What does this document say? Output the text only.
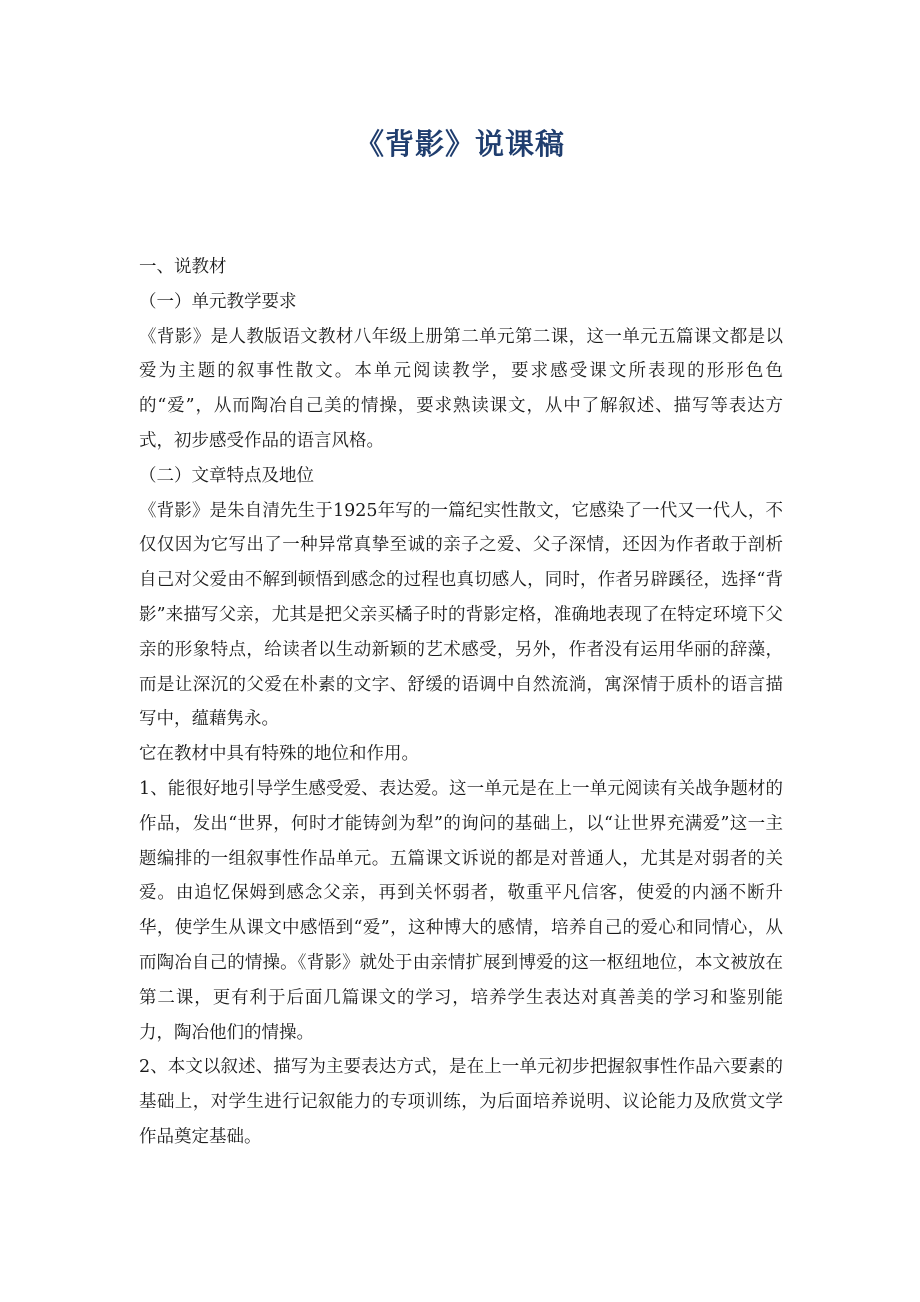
《背影》说课稿

一、说教材

（一）单元教学要求

《背影》是人教版语文教材八年级上册第二单元第二课，这一单元五篇课文都是以爱为主题的叙事性散文。本单元阅读教学，要求感受课文所表现的形形色色的“爱”，从而陶冶自己美的情操，要求熟读课文，从中了解叙述、描写等表达方式，初步感受作品的语言风格。

（二）文章特点及地位

《背影》是朱自清先生于1925年写的一篇纪实性散文，它感染了一代又一代人，不仅仅因为它写出了一种异常真挚至诚的亲子之爱、父子深情，还因为作者敢于剖析自己对父爱由不解到顿悟到感念的过程也真切感人，同时，作者另辟蹊径，选择“背影”来描写父亲，尤其是把父亲买橘子时的背影定格，准确地表现了在特定环境下父亲的形象特点，给读者以生动新颖的艺术感受，另外，作者没有运用华丽的辞藻，而是让深沉的父爱在朴素的文字、舒缓的语调中自然流淌，寓深情于质朴的语言描写中，蕴藉隽永。

它在教材中具有特殊的地位和作用。

1、能很好地引导学生感受爱、表达爱。这一单元是在上一单元阅读有关战争题材的作品，发出“世界，何时才能铸剑为犁”的询问的基础上，以“让世界充满爱”这一主题编排的一组叙事性作品单元。五篇课文诉说的都是对普通人，尤其是对弱者的关爱。由追忆保姆到感念父亲，再到关怀弱者，敬重平凡信客，使爱的内涵不断升华，使学生从课文中感悟到“爱”，这种博大的感情，培养自己的爱心和同情心，从而陶冶自己的情操。《背影》就处于由亲情扩展到博爱的这一枢纽地位，本文被放在第二课，更有利于后面几篇课文的学习，培养学生表达对真善美的学习和鉴别能力，陶冶他们的情操。

2、本文以叙述、描写为主要表达方式，是在上一单元初步把握叙事性作品六要素的基础上，对学生进行记叙能力的专项训练，为后面培养说明、议论能力及欣赏文学作品奠定基础。
